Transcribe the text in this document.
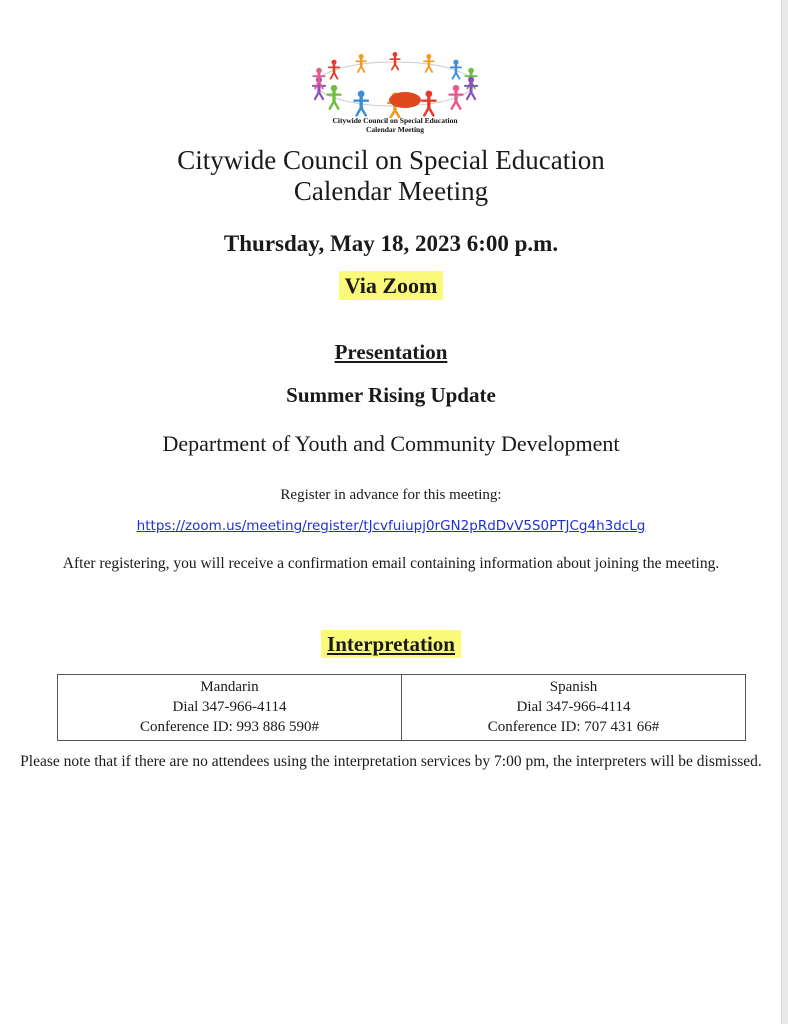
Citywide Council on Special Education
Calendar Meeting
Citywide Council on Special Education
Calendar Meeting
Thursday, May 18, 2023 6:00 p.m.
Via Zoom
Presentation
Summer Rising Update
Department of Youth and Community Development
Register in advance for this meeting:
https://zoom.us/meeting/register/tJcvfuiupj0rGN2pRdDvV5S0PTJCg4h3dcLg
After registering, you will receive a confirmation email containing information about joining the meeting.
Interpretation
Mandarin
Dial 347-966-4114
Conference ID: 993 886 590#

Spanish
Dial 347-966-4114
Conference ID: 707 431 66#
Please note that if there are no attendees using the interpretation services by 7:00 pm, the interpreters will be dismissed.
